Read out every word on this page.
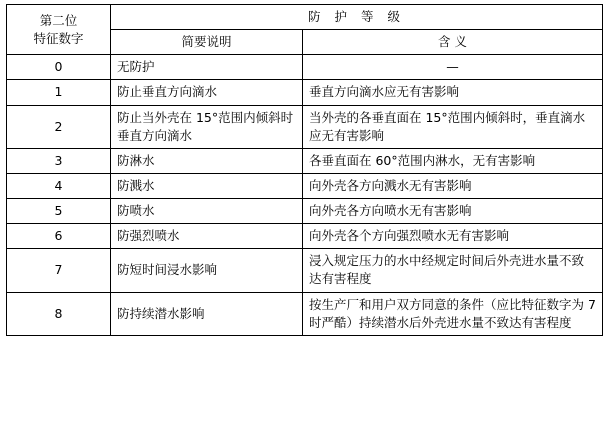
第二位
特征数字	防 护 等 级	
	简要说明	含 义
0	无防护	—
1	防止垂直方向滴水	垂直方向滴水应无有害影响
2	防止当外壳在 15°范围内倾斜时垂直方向滴水	当外壳的各垂直面在 15°范围内倾斜时，垂直滴水应无有害影响
3	防淋水	各垂直面在 60°范围内淋水，无有害影响
4	防溅水	向外壳各方向溅水无有害影响
5	防喷水	向外壳各方向喷水无有害影响
6	防强烈喷水	向外壳各个方向强烈喷水无有害影响
7	防短时间浸水影响	浸入规定压力的水中经规定时间后外壳进水量不致达有害程度
8	防持续潜水影响	按生产厂和用户双方同意的条件（应比特征数字为 7 时严酷）持续潜水后外壳进水量不致达有害程度
